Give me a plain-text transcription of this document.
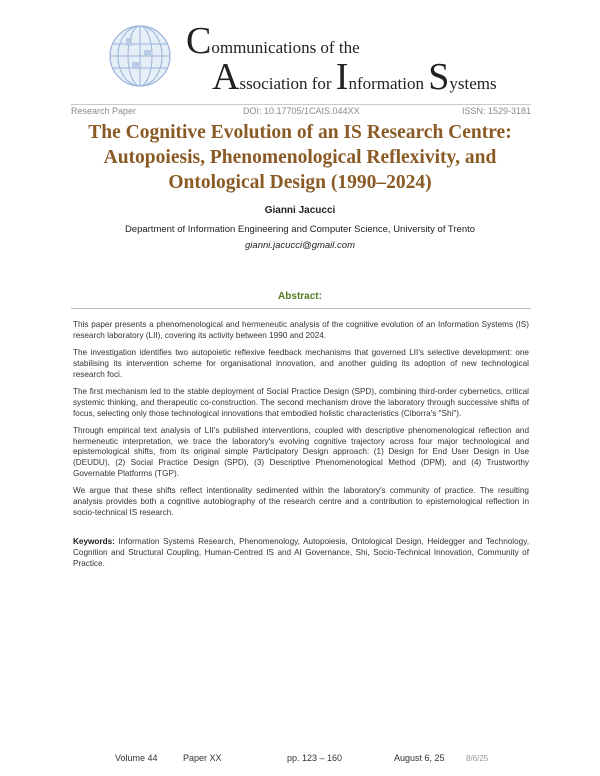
Communications of the
Association for Information Systems
Research Paper	DOI: 10.17705/1CAIS.044XX	ISSN: 1529-3181
The Cognitive Evolution of an IS Research Centre:
Autopoiesis, Phenomenological Reflexivity, and
Ontological Design (1990–2024)
Gianni Jacucci
Department of Information Engineering and Computer Science, University of Trento
gianni.jacucci@gmail.com
Abstract:

This paper presents a phenomenological and hermeneutic analysis of the cognitive evolution of an Information Systems (IS) research laboratory (LII), covering its activity between 1990 and 2024.

The investigation identifies two autopoietic reflexive feedback mechanisms that governed LII's selective development: one stabilising its intervention scheme for organisational innovation, and another guiding its adoption of new technological research foci.

The first mechanism led to the stable deployment of Social Practice Design (SPD), combining third-order cybernetics, critical systemic thinking, and therapeutic co-construction. The second mechanism drove the laboratory through successive shifts of focus, selecting only those technological innovations that embodied holistic characteristics (Ciborra's "Shi").

Through empirical text analysis of LII's published interventions, coupled with descriptive phenomenological reflection and hermeneutic interpretation, we trace the laboratory's evolving cognitive trajectory across four major technological and epistemological shifts, from its original simple Participatory Design approach: (1) Design for End User Design in Use (DEUDU), (2) Social Practice Design (SPD), (3) Descriptive Phenomenological Method (DPM), and (4) Trustworthy Governable Platforms (TGP).

We argue that these shifts reflect intentionality sedimented within the laboratory's community of practice. The resulting analysis provides both a cognitive autobiography of the research centre and a contribution to epistemological reflection in socio-technical IS research.

Keywords: Information Systems Research, Phenomenology, Autopoiesis, Ontological Design, Heidegger and Technology, Cognition and Structural Coupling, Human-Centred IS and AI Governance, Shi, Socio-Technical Innovation, Community of Practice.
Volume 44	Paper XX	pp. 123 – 160	August 6, 25	8/6/25
